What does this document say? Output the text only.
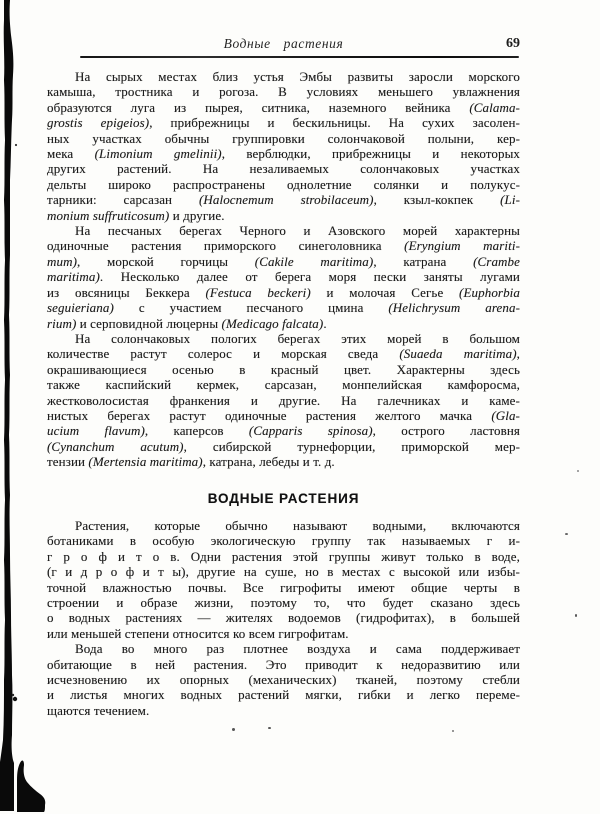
Водные растения	69
На сырых местах близ устья Эмбы развиты заросли морского
камыша, тростника и рогоза. В условиях меньшего увлажнения
образуются луга из пырея, ситника, наземного вейника (Calama-
grostis epigeios), прибрежницы и бескильницы. На сухих засолен-
ных участках обычны группировки солончаковой полыни, кер-
мека (Limonium gmelinii), верблюдки, прибрежницы и некоторых
других растений. На незаливаемых солончаковых участках
дельты широко распространены однолетние солянки и полукус-
тарники: сарсазан (Halocnemum strobilaceum), кзыл-кокпек (Li-
monium suffruticosum) и другие.
На песчаных берегах Черного и Азовского морей характерны
одиночные растения приморского синеголовника (Eryngium mariti-
mum), морской горчицы (Cakile maritima), катрана (Crambe
maritima). Несколько далее от берега моря пески заняты лугами
из овсяницы Беккера (Festuca beckeri) и молочая Сегье (Euphorbia
seguieriana) с участием песчаного цмина (Helichrysum arena-
rium) и серповидной люцерны (Medicago falcata).
На солончаковых пологих берегах этих морей в большом
количестве растут солерос и морская сведа (Suaeda maritima),
окрашивающиеся осенью в красный цвет. Характерны здесь
также каспийский кермек, сарсазан, монпелийская камфоросма,
жестковолосистая франкения и другие. На галечниках и каме-
нистых берегах растут одиночные растения желтого мачка (Gla-
ucium flavum), каперсов (Capparis spinosa), острого ластовня
(Cynanchum acutum), сибирской турнефорции, приморской мер-
тензии (Mertensia maritima), катрана, лебеды и т. д.
ВОДНЫЕ РАСТЕНИЯ
Растения, которые обычно называют водными, включаются
ботаниками в особую экологическую группу так называемых г и-
г р о ф и т о в. Одни растения этой группы живут только в воде,
(г и д р о ф и т ы), другие на суше, но в местах с высокой или избы-
точной влажностью почвы. Все гигрофиты имеют общие черты в
строении и образе жизни, поэтому то, что будет сказано здесь
о водных растениях — жителях водоемов (гидрофитах), в большей
или меньшей степени относится ко всем гигрофитам.
Вода во много раз плотнее воздуха и сама поддерживает
обитающие в ней растения. Это приводит к недоразвитию или
исчезновению их опорных (механических) тканей, поэтому стебли
и листья многих водных растений мягки, гибки и легко переме-
щаются течением.
